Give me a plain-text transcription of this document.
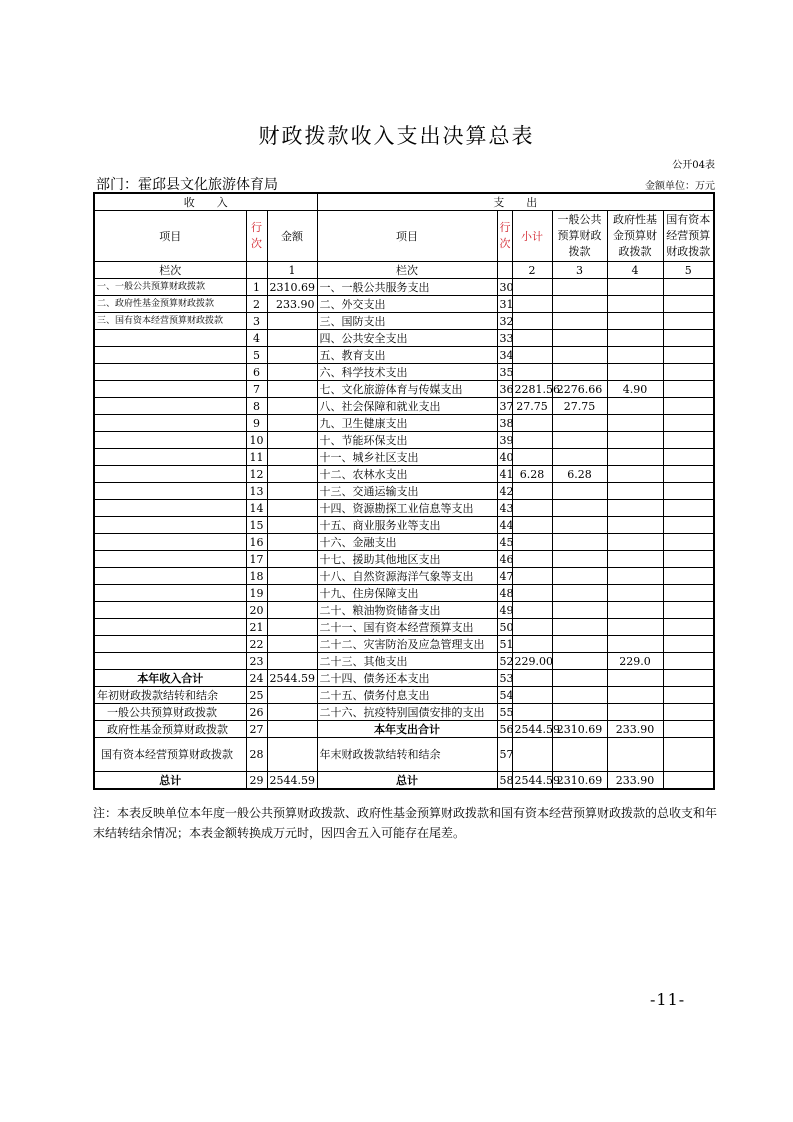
财政拨款收入支出决算总表
公开04表
部门：霍邱县文化旅游体育局	金额单位：万元
收　　入			支　　出					
项目	行次	金额	项目	行次	小计	一般公共预算财政拨款	政府性基金预算财政拨款	国有资本经营预算财政拨款
栏次		1	栏次		2	3	4	5
一、一般公共预算财政拨款	1	2310.69	一、一般公共服务支出	30				
二、政府性基金预算财政拨款	2	233.90	二、外交支出	31				
三、国有资本经营预算财政拨款	3		三、国防支出	32				
	4		四、公共安全支出	33				
	5		五、教育支出	34				
	6		六、科学技术支出	35				
	7		七、文化旅游体育与传媒支出	36	2281.56	2276.66	4.90	
	8		八、社会保障和就业支出	37	27.75	27.75		
	9		九、卫生健康支出	38				
	10		十、节能环保支出	39				
	11		十一、城乡社区支出	40				
	12		十二、农林水支出	41	6.28	6.28		
	13		十三、交通运输支出	42				
	14		十四、资源勘探工业信息等支出	43				
	15		十五、商业服务业等支出	44				
	16		十六、金融支出	45				
	17		十七、援助其他地区支出	46				
	18		十八、自然资源海洋气象等支出	47				
	19		十九、住房保障支出	48				
	20		二十、粮油物资储备支出	49				
	21		二十一、国有资本经营预算支出	50				
	22		二十二、灾害防治及应急管理支出	51				
	23		二十三、其他支出	52	229.00		229.0	
本年收入合计	24	2544.59	二十四、债务还本支出	53				
年初财政拨款结转和结余	25		二十五、债务付息支出	54				
一般公共预算财政拨款	26		二十六、抗疫特别国债安排的支出	55				
政府性基金预算财政拨款	27		本年支出合计	56	2544.59	2310.69	233.90	
国有资本经营预算财政拨款	28		年末财政拨款结转和结余	57				
总计	29	2544.59	总计	58	2544.59	2310.69	233.90	
注：本表反映单位本年度一般公共预算财政拨款、政府性基金预算财政拨款和国有资本经营预算财政拨款的总收支和年末结转结余情况；本表金额转换成万元时，因四舍五入可能存在尾差。
-11-
